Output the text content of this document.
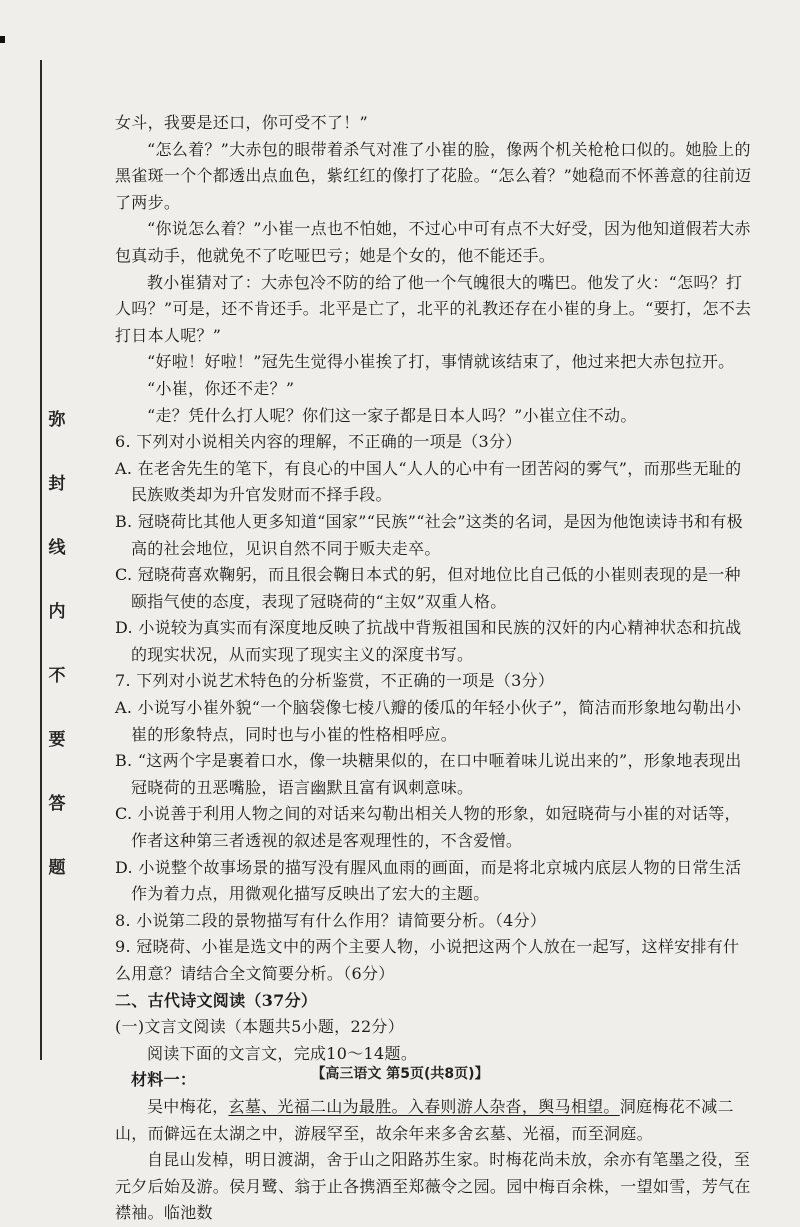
弥
封
线
内
不
要
答
题

女斗，我要是还口，你可受不了！”

“怎么着？”大赤包的眼带着杀气对准了小崔的脸，像两个机关枪枪口似的。她脸上的黑雀斑一个个都透出点血色，紫红红的像打了花脸。“怎么着？”她稳而不怀善意的往前迈了两步。

“你说怎么着？”小崔一点也不怕她，不过心中可有点不大好受，因为他知道假若大赤包真动手，他就免不了吃哑巴亏；她是个女的，他不能还手。

教小崔猜对了：大赤包冷不防的给了他一个气魄很大的嘴巴。他发了火：“怎吗？打人吗？”可是，还不肯还手。北平是亡了，北平的礼教还存在小崔的身上。“要打，怎不去打日本人呢？”

“好啦！好啦！”冠先生觉得小崔挨了打，事情就该结束了，他过来把大赤包拉开。

“小崔，你还不走？”

“走？凭什么打人呢？你们这一家子都是日本人吗？”小崔立住不动。

6. 下列对小说相关内容的理解，不正确的一项是（3分）

A. 在老舍先生的笔下，有良心的中国人“人人的心中有一团苦闷的雾气”，而那些无耻的民族败类却为升官发财而不择手段。

B. 冠晓荷比其他人更多知道“国家”“民族”“社会”这类的名词，是因为他饱读诗书和有极高的社会地位，见识自然不同于贩夫走卒。

C. 冠晓荷喜欢鞠躬，而且很会鞠日本式的躬，但对地位比自己低的小崔则表现的是一种颐指气使的态度，表现了冠晓荷的“主奴”双重人格。

D. 小说较为真实而有深度地反映了抗战中背叛祖国和民族的汉奸的内心精神状态和抗战的现实状况，从而实现了现实主义的深度书写。

7. 下列对小说艺术特色的分析鉴赏，不正确的一项是（3分）

A. 小说写小崔外貌“一个脑袋像七棱八瓣的倭瓜的年轻小伙子”，简洁而形象地勾勒出小崔的形象特点，同时也与小崔的性格相呼应。

B. “这两个字是裹着口水，像一块糖果似的，在口中咂着味儿说出来的”，形象地表现出冠晓荷的丑恶嘴脸，语言幽默且富有讽刺意味。

C. 小说善于利用人物之间的对话来勾勒出相关人物的形象，如冠晓荷与小崔的对话等，作者这种第三者透视的叙述是客观理性的，不含爱憎。

D. 小说整个故事场景的描写没有腥风血雨的画面，而是将北京城内底层人物的日常生活作为着力点，用微观化描写反映出了宏大的主题。

8. 小说第二段的景物描写有什么作用？请简要分析。（4分）

9. 冠晓荷、小崔是选文中的两个主要人物，小说把这两个人放在一起写，这样安排有什么用意？请结合全文简要分析。（6分）

二、古代诗文阅读（37分）

(一)文言文阅读（本题共5小题，22分）

阅读下面的文言文，完成10～14题。

材料一：

吴中梅花，玄墓、光福二山为最胜。入春则游人杂沓，舆马相望。洞庭梅花不减二山，而僻远在太湖之中，游屐罕至，故余年来多舍玄墓、光福，而至洞庭。

自昆山发棹，明日渡湖，舍于山之阳路苏生家。时梅花尚未放，余亦有笔墨之役，至元夕后始及游。侯月鹭、翁于止各携酒至郑薇令之园。园中梅百余株，一望如雪，芳气在襟袖。临池数

【高三语文 第5页(共8页)】
